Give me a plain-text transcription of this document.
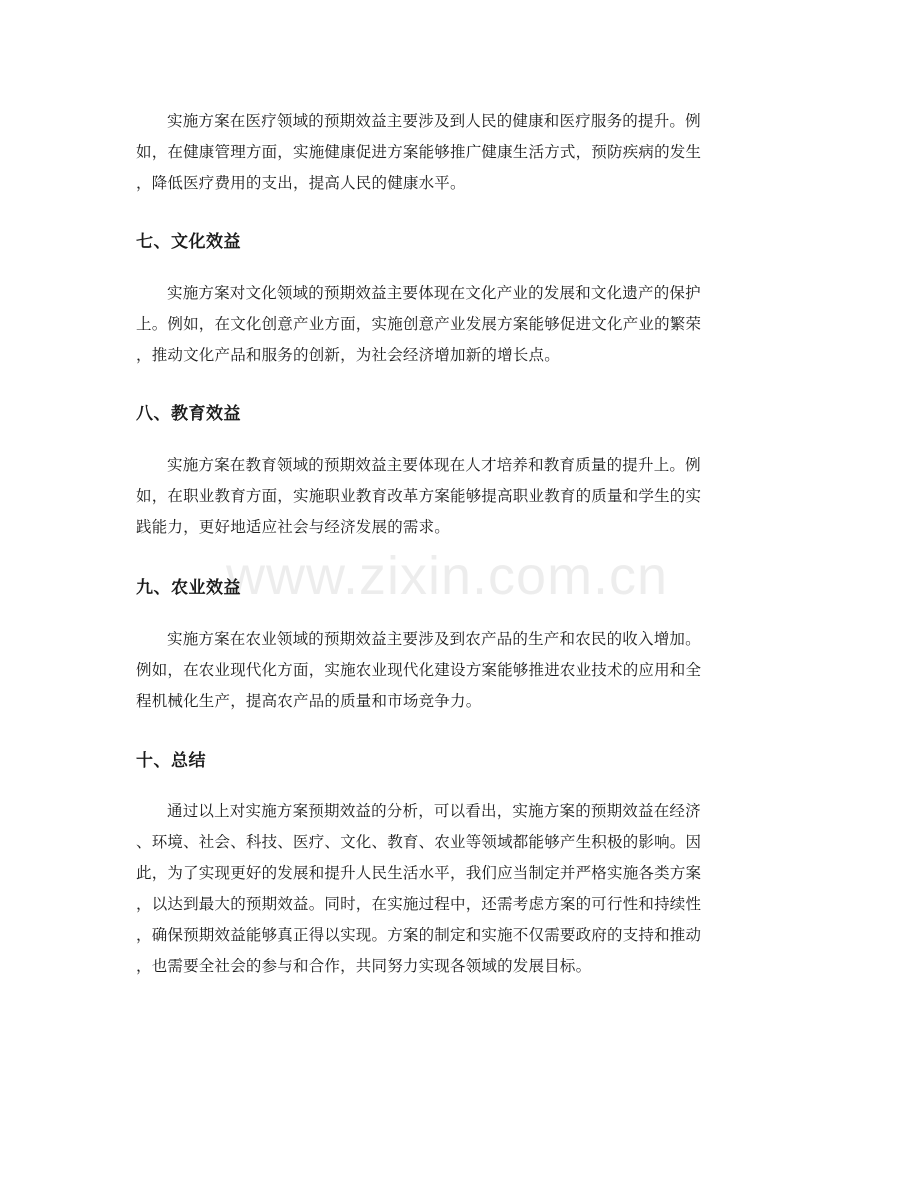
实施方案在医疗领域的预期效益主要涉及到人民的健康和医疗服务的提升。例
如，在健康管理方面，实施健康促进方案能够推广健康生活方式，预防疾病的发生
，降低医疗费用的支出，提高人民的健康水平。

七、文化效益

实施方案对文化领域的预期效益主要体现在文化产业的发展和文化遗产的保护
上。例如，在文化创意产业方面，实施创意产业发展方案能够促进文化产业的繁荣
，推动文化产品和服务的创新，为社会经济增加新的增长点。

八、教育效益

实施方案在教育领域的预期效益主要体现在人才培养和教育质量的提升上。例
如，在职业教育方面，实施职业教育改革方案能够提高职业教育的质量和学生的实
践能力，更好地适应社会与经济发展的需求。

九、农业效益

实施方案在农业领域的预期效益主要涉及到农产品的生产和农民的收入增加。
例如，在农业现代化方面，实施农业现代化建设方案能够推进农业技术的应用和全
程机械化生产，提高农产品的质量和市场竞争力。

十、总结

通过以上对实施方案预期效益的分析，可以看出，实施方案的预期效益在经济
、环境、社会、科技、医疗、文化、教育、农业等领域都能够产生积极的影响。因
此，为了实现更好的发展和提升人民生活水平，我们应当制定并严格实施各类方案
，以达到最大的预期效益。同时，在实施过程中，还需考虑方案的可行性和持续性
，确保预期效益能够真正得以实现。方案的制定和实施不仅需要政府的支持和推动
，也需要全社会的参与和合作，共同努力实现各领域的发展目标。

www.zixin.com.cn
